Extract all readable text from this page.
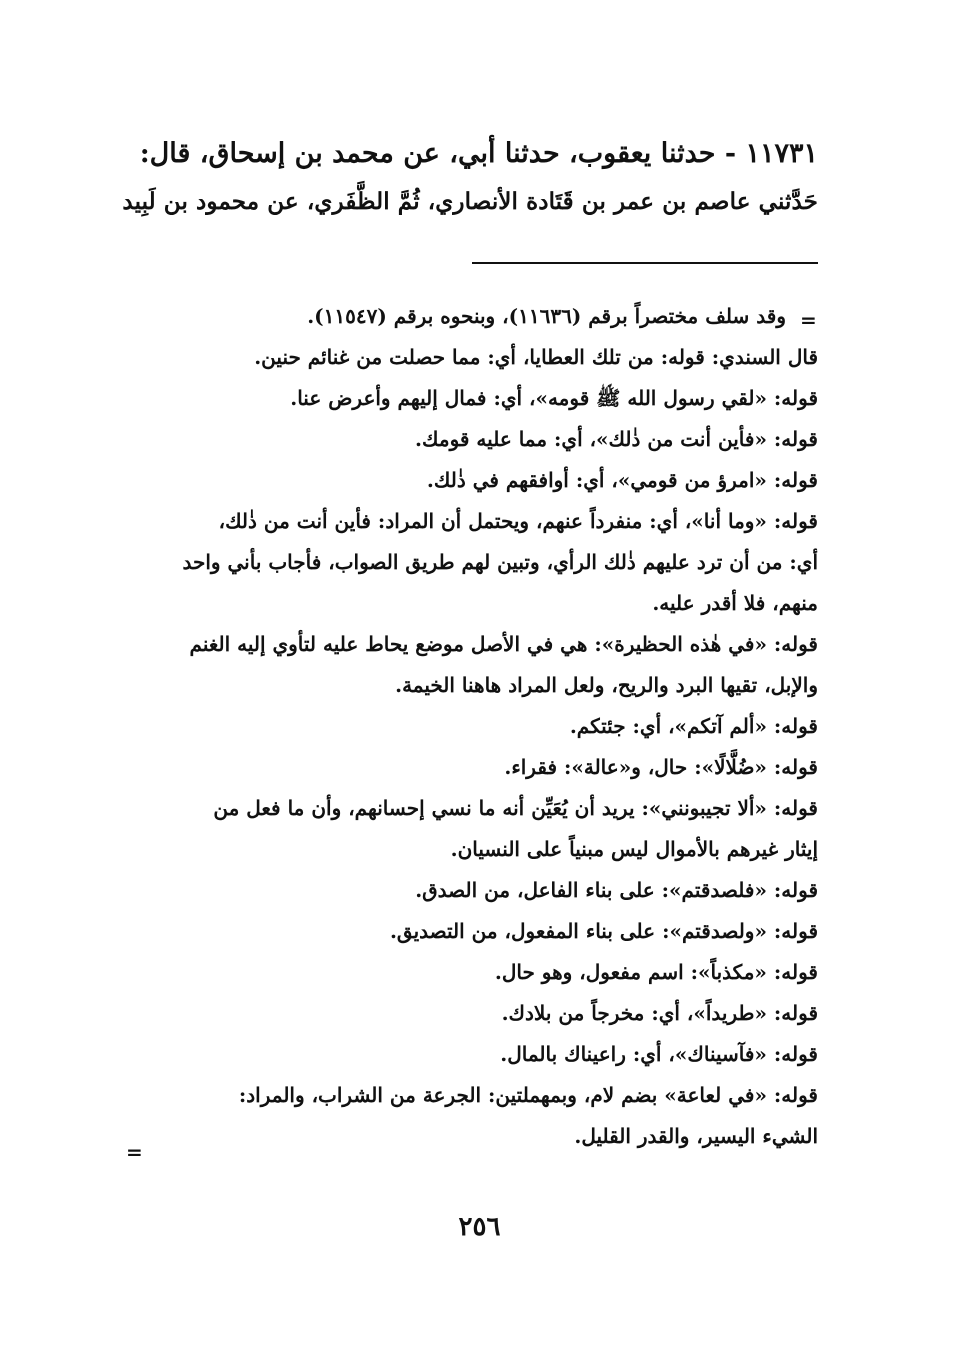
١١٧٣١ - حدثنا يعقوب، حدثنا أبي، عن محمد بن إسحاق، قال:
حَدَّثني عاصم بن عمر بن قَتَادة الأنصاري، ثُمَّ الظَّفَري، عن محمود بن لَبِيد
=
وقد سلف مختصراً برقم (١١٦٣٦)، وبنحوه برقم (١١٥٤٧).
قال السندي: قوله: من تلك العطايا، أي: مما حصلت من غنائم حنين.
قوله: «لقي رسول الله ﷺ قومه»، أي: فمال إليهم وأعرض عنا.
قوله: «فأين أنت من ذٰلك»، أي: مما عليه قومك.
قوله: «امرؤ من قومي»، أي: أوافقهم في ذٰلك.
قوله: «وما أنا»، أي: منفرداً عنهم، ويحتمل أن المراد: فأين أنت من ذٰلك،
أي: من أن ترد عليهم ذٰلك الرأي، وتبين لهم طريق الصواب، فأجاب بأني واحد
منهم، فلا أقدر عليه.
قوله: «في هٰذه الحظيرة»: هي في الأصل موضع يحاط عليه لتأوي إليه الغنم
والإبل، تقيها البرد والريح، ولعل المراد هاهنا الخيمة.
قوله: «ألم آتكم»، أي: جئتكم.
قوله: «ضُلَّالًا»: حال، و«عالة»: فقراء.
قوله: «ألا تجيبونني»: يريد أن يُعَيِّن أنه ما نسي إحسانهم، وأن ما فعل من
إيثار غيرهم بالأموال ليس مبنياً على النسيان.
قوله: «فلصدقتم»: على بناء الفاعل، من الصدق.
قوله: «ولصدقتم»: على بناء المفعول، من التصديق.
قوله: «مكذباً»: اسم مفعول، وهو حال.
قوله: «طريداً»، أي: مخرجاً من بلادك.
قوله: «فآسيناك»، أي: راعيناك بالمال.
قوله: «في لعاعة» بضم لام، وبمهملتين: الجرعة من الشراب، والمراد:
الشيء اليسير، والقدر القليل.
=
٢٥٦
